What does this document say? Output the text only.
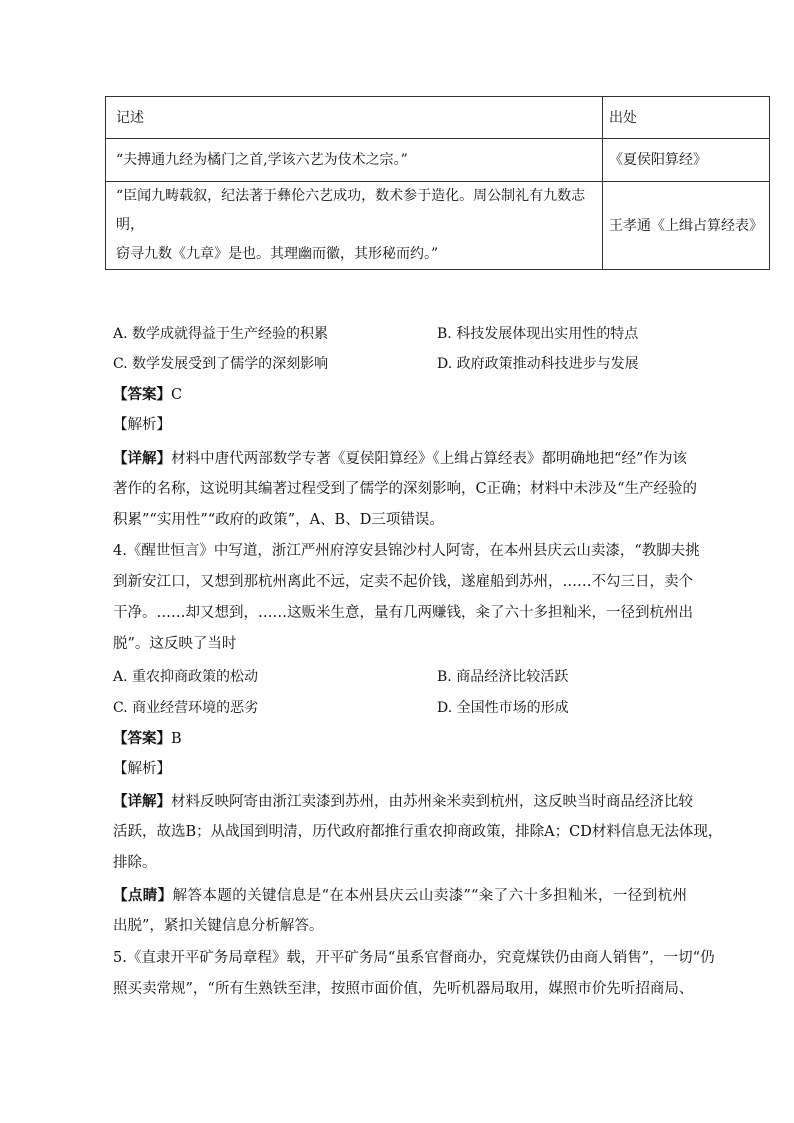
记述	出处
“夫搏通九经为橘门之首,学该六艺为伎术之宗。”	《夏侯阳算经》

“臣闻九畴载叙，纪法著于彝伦六艺成功，数术参于造化。周公制礼有九数志明，
窃寻九数《九章》是也。其理幽而徽，其形秘而约。”	王孝通《上缉占算经表》
A. 数学成就得益于生产经验的积累	B. 科技发展体现出实用性的特点
C. 数学发展受到了儒学的深刻影响	D. 政府政策推动科技进步与发展
【答案】C
【解析】
【详解】材料中唐代两部数学专著《夏侯阳算经》《上缉占算经表》都明确地把“经”作为该
著作的名称，这说明其编著过程受到了儒学的深刻影响，C正确；材料中未涉及“生产经验的
积累”“实用性”“政府的政策”，A、B、D三项错误。
4.《醒世恒言》中写道，浙江严州府淳安县锦沙村人阿寄，在本州县庆云山卖漆，“教脚夫挑
到新安江口，又想到那杭州离此不远，定卖不起价钱，遂雇船到苏州，……不勾三日，卖个
干净。……却又想到，……这贩米生意，量有几两赚钱，籴了六十多担籼米，一径到杭州出
脱”。这反映了当时
A. 重农抑商政策的松动	B. 商品经济比较活跃
C. 商业经营环境的恶劣	D. 全国性市场的形成
【答案】B
【解析】
【详解】材料反映阿寄由浙江卖漆到苏州，由苏州籴米卖到杭州，这反映当时商品经济比较
活跃，故选B；从战国到明清，历代政府都推行重农抑商政策，排除A；CD材料信息无法体现，
排除。
【点睛】解答本题的关键信息是“在本州县庆云山卖漆”“籴了六十多担籼米，一径到杭州
出脱”，紧扣关键信息分析解答。
5.《直隶开平矿务局章程》载，开平矿务局“虽系官督商办，究竟煤铁仍由商人销售”，一切“仍
照买卖常规”，“所有生熟铁至津，按照市面价值，先听机器局取用，媒照市价先听招商局、
